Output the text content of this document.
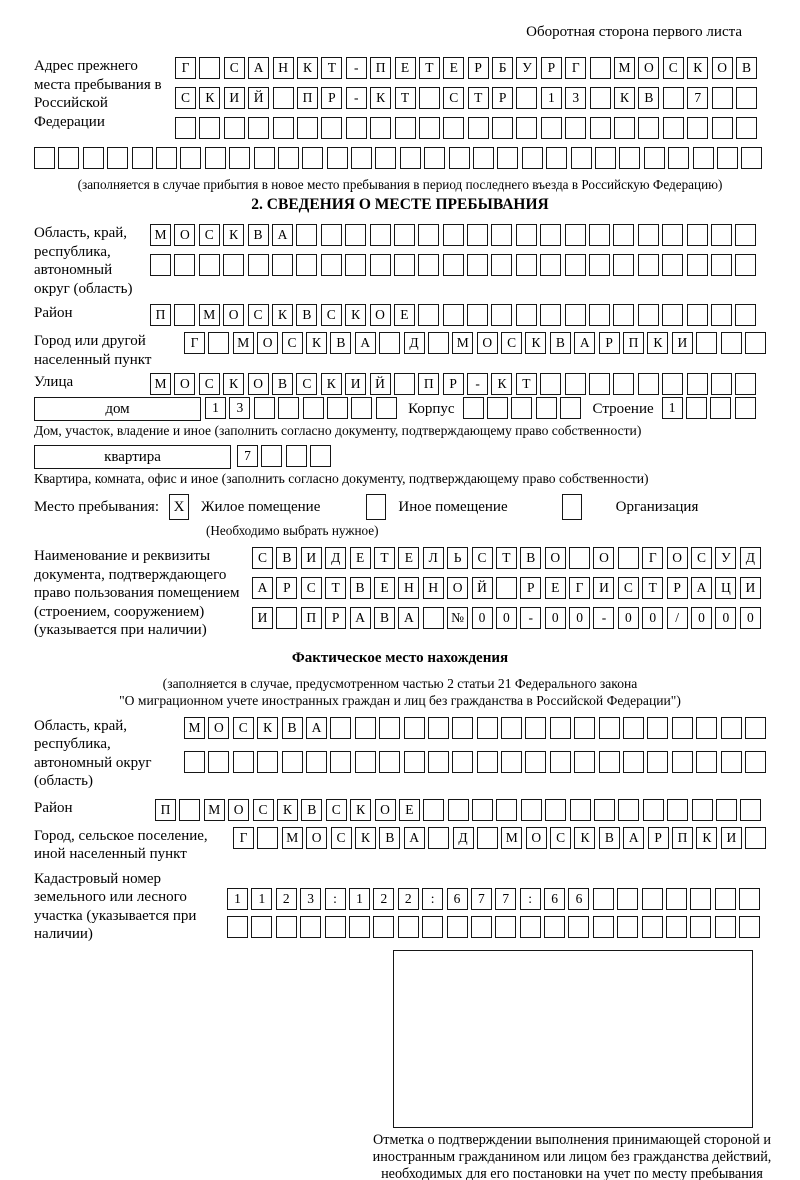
Оборотная сторона первого листа
Адрес прежнего места пребывания в Российской Федерации
Г	С	А	Н	К	Т	-	П	Е	Т	Е	Р	Б	У	Р	Г	М	О	С	К	О	В
С	К	И	Й	П	Р	-	К	Т	С	Т	Р	1	3	К	В	7
(заполняется в случае прибытия в новое место пребывания в период последнего въезда в Российскую Федерацию)
2. СВЕДЕНИЯ О МЕСТЕ ПРЕБЫВАНИЯ
Область, край, республика, автономный округ (область)
М	О	С	К	В	А
Район	П	М	О	С	К	В	С	К	О	Е
Город или другой населенный пункт
Г	М	О	С	К	В	А	Д	М	О	С	К	В	А	Р	П	К	И
Улица	М	О	С	К	О	В	С	К	И	Й	П	Р	-	К	Т
дом	1	3	Корпус	Строение	1
Дом, участок, владение и иное (заполнить согласно документу, подтверждающему право собственности)
квартира	7
Квартира, комната, офис и иное (заполнить согласно документу, подтверждающему право собственности)
Место пребывания: X	Жилое помещение	Иное помещение	Организация
(Необходимо выбрать нужное)
Наименование и реквизиты документа, подтверждающего право пользования помещением (строением, сооружением) (указывается при наличии)
С	В	И	Д	Е	Т	Е	Л	Ь	С	Т	В	О	О	Г	О	С	У	Д
А	Р	С	Т	В	Е	Н	Н	О	Й	Р	Е	Г	И	С	Т	Р	А	Ц	И
И	П	Р	А	В	А	№	0	0	-	0	0	-	0	0	/	0	0	0
Фактическое место нахождения
(заполняется в случае, предусмотренном частью 2 статьи 21 Федерального закона
"О миграционном учете иностранных граждан и лиц без гражданства в Российской Федерации")
Область, край, республика, автономный округ (область)
М	О	С	К	В	А
Район	П	М	О	С	К	В	С	К	О	Е
Город, сельское поселение, иной населенный пункт
Г	М	О	С	К	В	А	Д	М	О	С	К	В	А	Р	П	К	И
Кадастровый номер земельного или лесного участка (указывается при наличии)
1	1	2	3	:	1	2	2	:	6	7	7	:	6	6
Отметка о подтверждении выполнения принимающей стороной и иностранным гражданином или лицом без гражданства действий, необходимых для его постановки на учет по месту пребывания
